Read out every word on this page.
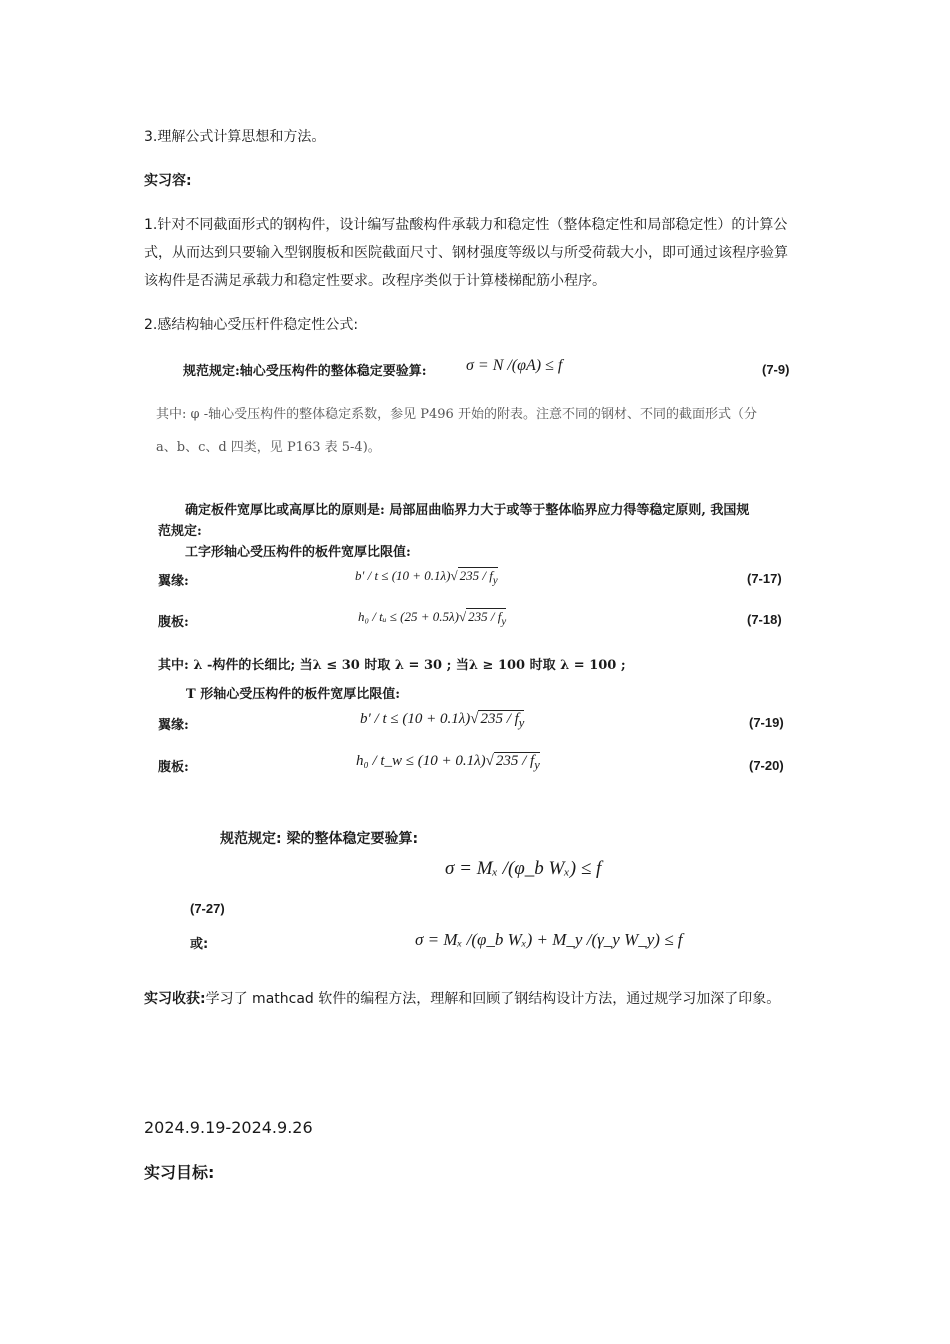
3.理解公式计算思想和方法。
实习容:
1.针对不同截面形式的钢构件，设计编写盐酸构件承载力和稳定性（整体稳定性和局部稳定性）的计算公
式，从而达到只要输入型钢腹板和医院截面尺寸、钢材强度等级以与所受荷载大小，即可通过该程序验算
该构件是否满足承载力和稳定性要求。改程序类似于计算楼梯配筋小程序。
2.感结构轴心受压杆件稳定性公式:
规范规定:轴心受压构件的整体稳定要验算: σ = N /(φA) ≤ f	(7-9)
其中: φ -轴心受压构件的整体稳定系数，参见 P496 开始的附表。注意不同的钢材、不同的截面形式（分
a、b、c、d 四类，见 P163 表 5-4)。
确定板件宽厚比或高厚比的原则是: 局部屈曲临界力大于或等于整体临界应力得等稳定原则, 我国规
范规定:
工字形轴心受压构件的板件宽厚比限值:
翼缘:	b′ / t ≤ (10 + 0.1λ)√ $235 / f_y$	(7-17)
腹板:	h₀ / tᵤ ≤ (25 + 0.5λ)√ $235 / f_y$	(7-18)
其中: λ -构件的长细比; 当λ ≤ 30 时取 λ = 30 ; 当λ ≥ 100 时取 λ = 100 ;
T 形轴心受压构件的板件宽厚比限值:
翼缘:	b′ / t ≤ (10 + 0.1λ)√ $235 / f_y$	(7-19)
腹板:	h₀ / t_w ≤ (10 + 0.1λ)√ $235 / f_y$	(7-20)
规范规定: 梁的整体稳定要验算:
σ = Mₓ /(φ_b Wₓ) ≤ f
(7-27)
或:	σ = Mₓ /(φ_b Wₓ) + M_y /(γ_y W_y) ≤ f
实习收获:学习了 mathcad 软件的编程方法，理解和回顾了钢结构设计方法，通过规学习加深了印象。
2024.9.19-2024.9.26
实习目标:
